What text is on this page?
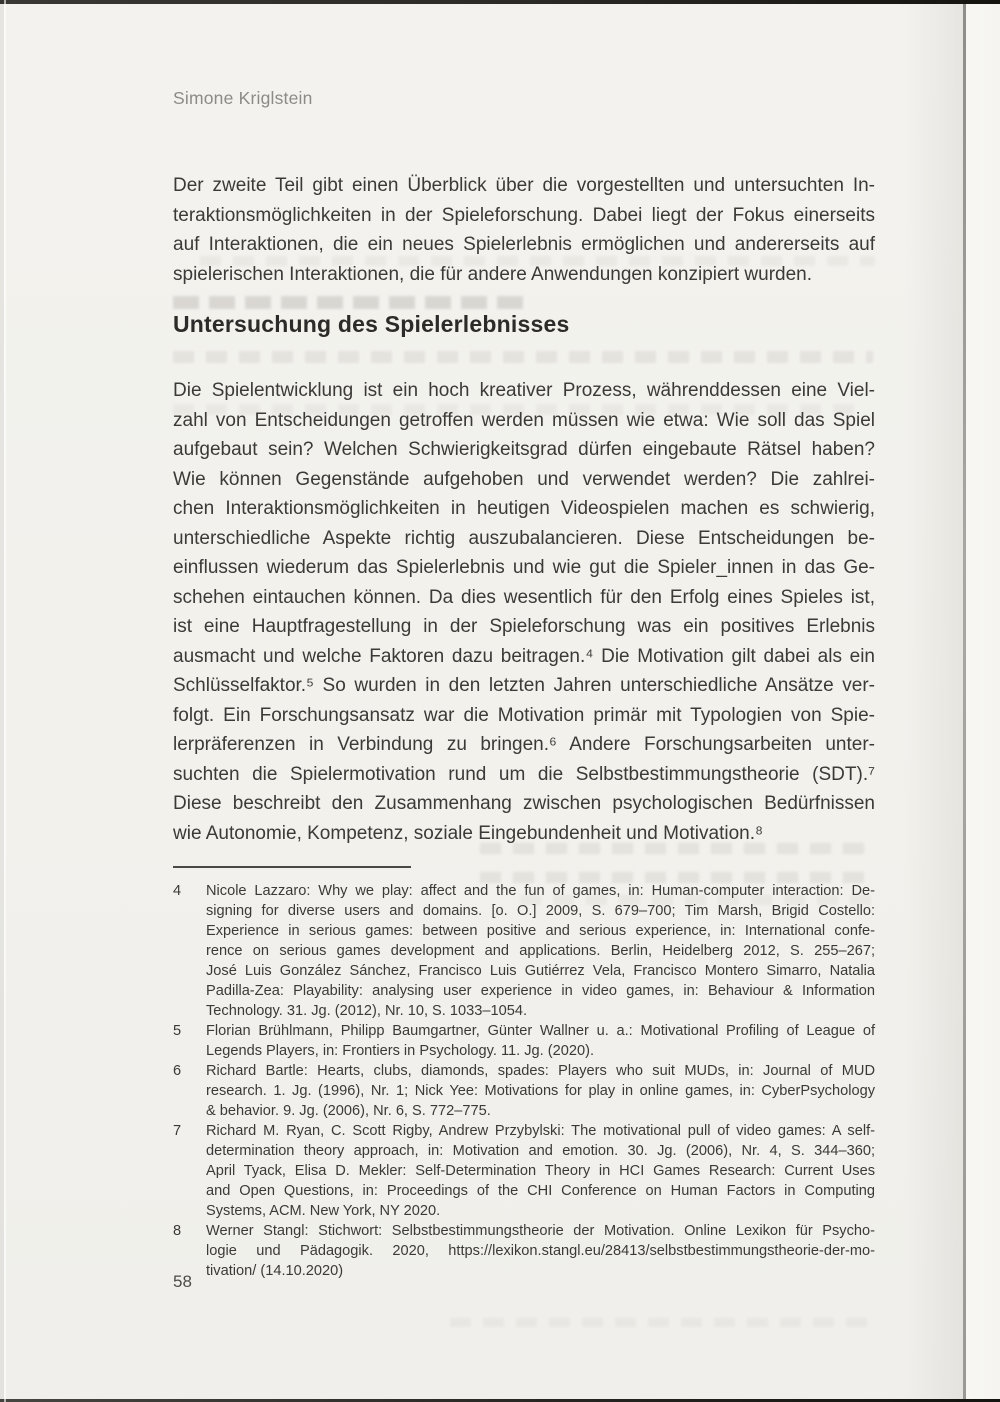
Simone Kriglstein
Der zweite Teil gibt einen Überblick über die vorgestellten und untersuchten In-
teraktionsmöglichkeiten in der Spieleforschung. Dabei liegt der Fokus einerseits
auf Interaktionen, die ein neues Spielerlebnis ermöglichen und andererseits auf
spielerischen Interaktionen, die für andere Anwendungen konzipiert wurden.
Untersuchung des Spielerlebnisses
Die Spielentwicklung ist ein hoch kreativer Prozess, währenddessen eine Viel-
zahl von Entscheidungen getroffen werden müssen wie etwa: Wie soll das Spiel
aufgebaut sein? Welchen Schwierigkeitsgrad dürfen eingebaute Rätsel haben?
Wie können Gegenstände aufgehoben und verwendet werden? Die zahlrei-
chen Interaktionsmöglichkeiten in heutigen Videospielen machen es schwierig,
unterschiedliche Aspekte richtig auszubalancieren. Diese Entscheidungen be-
einflussen wiederum das Spielerlebnis und wie gut die Spieler_innen in das Ge-
schehen eintauchen können. Da dies wesentlich für den Erfolg eines Spieles ist,
ist eine Hauptfragestellung in der Spieleforschung was ein positives Erlebnis
ausmacht und welche Faktoren dazu beitragen.⁴ Die Motivation gilt dabei als ein
Schlüsselfaktor.⁵ So wurden in den letzten Jahren unterschiedliche Ansätze ver-
folgt. Ein Forschungsansatz war die Motivation primär mit Typologien von Spie-
lerpräferenzen in Verbindung zu bringen.⁶ Andere Forschungsarbeiten unter-
suchten die Spielermotivation rund um die Selbstbestimmungstheorie (SDT).⁷
Diese beschreibt den Zusammenhang zwischen psychologischen Bedürfnissen
wie Autonomie, Kompetenz, soziale Eingebundenheit und Motivation.⁸
4	Nicole Lazzaro: Why we play: affect and the fun of games, in: Human-computer interaction: De-
signing for diverse users and domains. [o. O.] 2009, S. 679–700; Tim Marsh, Brigid Costello:
Experience in serious games: between positive and serious experience, in: International confe-
rence on serious games development and applications. Berlin, Heidelberg 2012, S. 255–267;
José Luis González Sánchez, Francisco Luis Gutiérrez Vela, Francisco Montero Simarro, Natalia
Padilla-Zea: Playability: analysing user experience in video games, in: Behaviour & Information
Technology. 31. Jg. (2012), Nr. 10, S. 1033–1054.
5	Florian Brühlmann, Philipp Baumgartner, Günter Wallner u. a.: Motivational Profiling of League of
Legends Players, in: Frontiers in Psychology. 11. Jg. (2020).
6	Richard Bartle: Hearts, clubs, diamonds, spades: Players who suit MUDs, in: Journal of MUD
research. 1. Jg. (1996), Nr. 1; Nick Yee: Motivations for play in online games, in: CyberPsychology
& behavior. 9. Jg. (2006), Nr. 6, S. 772–775.
7	Richard M. Ryan, C. Scott Rigby, Andrew Przybylski: The motivational pull of video games: A self-
determination theory approach, in: Motivation and emotion. 30. Jg. (2006), Nr. 4, S. 344–360;
April Tyack, Elisa D. Mekler: Self-Determination Theory in HCI Games Research: Current Uses
and Open Questions, in: Proceedings of the CHI Conference on Human Factors in Computing
Systems, ACM. New York, NY 2020.
8	Werner Stangl: Stichwort: Selbstbestimmungstheorie der Motivation. Online Lexikon für Psycho-
logie und Pädagogik. 2020, https://lexikon.stangl.eu/28413/selbstbestimmungstheorie-der-mo-
tivation/ (14.10.2020)
58
